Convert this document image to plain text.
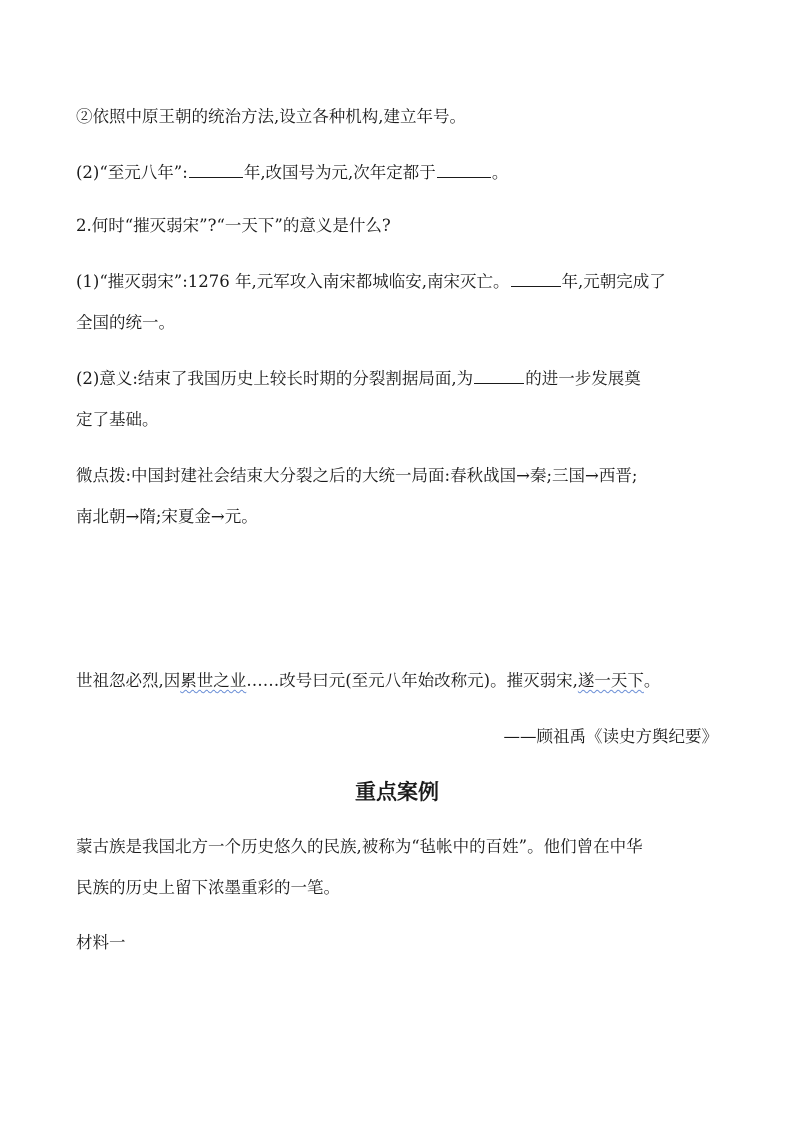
②依照中原王朝的统治方法,设立各种机构,建立年号。
(2)“至元八年”:	年,改国号为元,次年定都于	。
2.何时“摧灭弱宋”?“一天下”的意义是什么?
(1)“摧灭弱宋”:1276 年,元军攻入南宋都城临安,南宋灭亡。	年,元朝完成了
全国的统一。
(2)意义:结束了我国历史上较长时期的分裂割据局面,为	的进一步发展奠
定了基础。
微点拨:中国封建社会结束大分裂之后的大统一局面:春秋战国→秦;三国→西晋;
南北朝→隋;宋夏金→元。
世祖忽必烈,因累世之业……改号曰元(至元八年始改称元)。摧灭弱宋,遂一天下。
——顾祖禹《读史方舆纪要》
重点案例
蒙古族是我国北方一个历史悠久的民族,被称为“毡帐中的百姓”。他们曾在中华
民族的历史上留下浓墨重彩的一笔。
材料一
